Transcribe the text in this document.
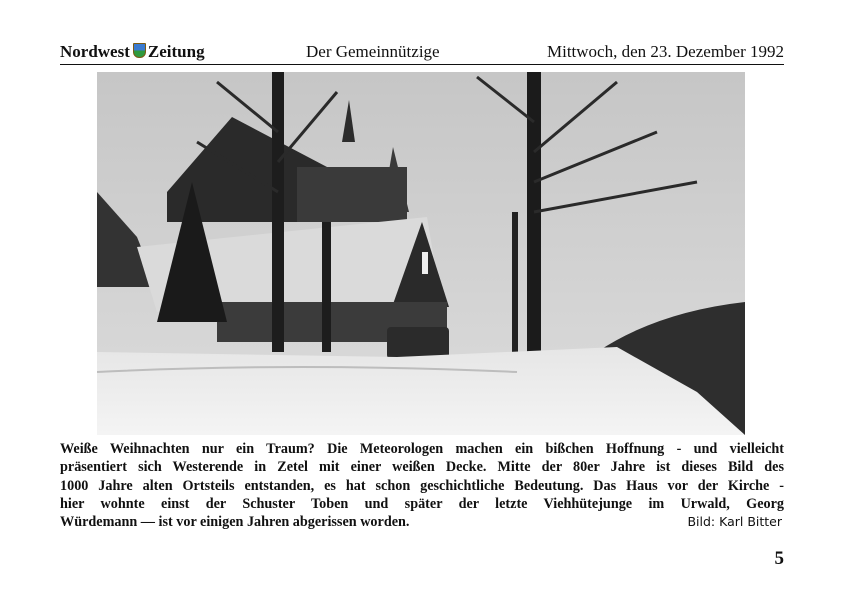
Nordwest Zeitung	Der Gemeinnützige	Mittwoch, den 23. Dezember 1992
Weiße Weihnachten nur ein Traum? Die Meteorologen machen ein bißchen Hoffnung - und vielleicht
präsentiert sich Westerende in Zetel mit einer weißen Decke. Mitte der 80er Jahre ist dieses Bild des
1000 Jahre alten Ortsteils entstanden, es hat schon geschichtliche Bedeutung. Das Haus vor der Kirche -
hier wohnte einst der Schuster Toben und später der letzte Viehhütejunge im Urwald, Georg
Würdemann — ist vor einigen Jahren abgerissen worden.	Bild: Karl Bitter
5
